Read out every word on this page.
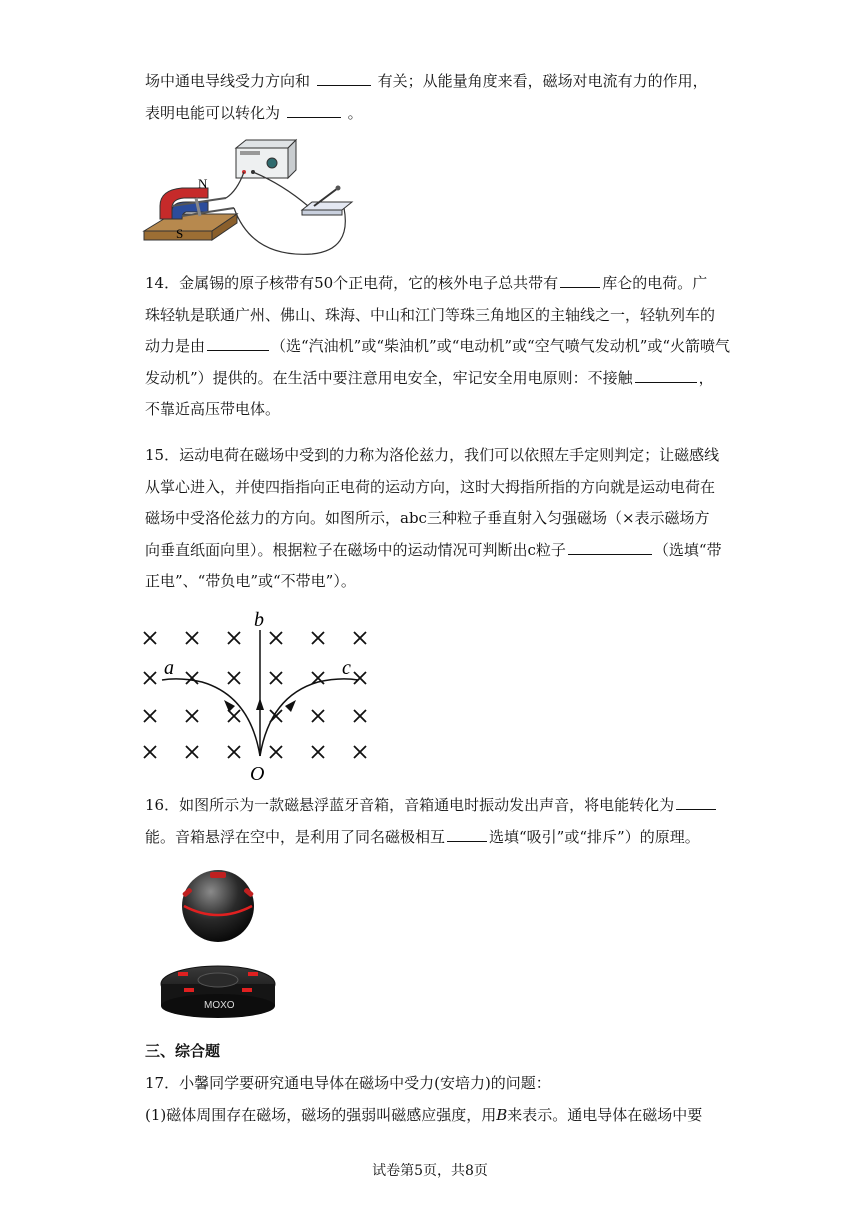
场中通电导线受力方向和	有关；从能量角度来看，磁场对电流有力的作用，
表明电能可以转化为	。

N
S

14．金属锡的原子核带有50个正电荷，它的核外电子总共带有	库仑的电荷。广
珠轻轨是联通广州、佛山、珠海、中山和江门等珠三角地区的主轴线之一，轻轨列车的
动力是由	（选“汽油机”或“柴油机”或“电动机”或“空气喷气发动机”或“火箭喷气
发动机”）提供的。在生活中要注意用电安全，牢记安全用电原则：不接触	，
不靠近高压带电体。

15．运动电荷在磁场中受到的力称为洛伦兹力，我们可以依照左手定则判定；让磁感线
从掌心进入，并使四指指向正电荷的运动方向，这时大拇指所指的方向就是运动电荷在
磁场中受洛伦兹力的方向。如图所示，abc三种粒子垂直射入匀强磁场（×表示磁场方
向垂直纸面向里）。根据粒子在磁场中的运动情况可判断出c粒子	（选填“带
正电”、“带负电”或“不带电”）。

b
a	c
O

16．如图所示为一款磁悬浮蓝牙音箱，音箱通电时振动发出声音，将电能转化为
能。音箱悬浮在空中，是利用了同名磁极相互	选填“吸引”或“排斥”）的原理。

MOXO

三、综合题

17．小馨同学要研究通电导体在磁场中受力(安培力)的问题：
(1)磁体周围存在磁场，磁场的强弱叫磁感应强度，用B来表示。通电导体在磁场中要

试卷第5页，共8页
